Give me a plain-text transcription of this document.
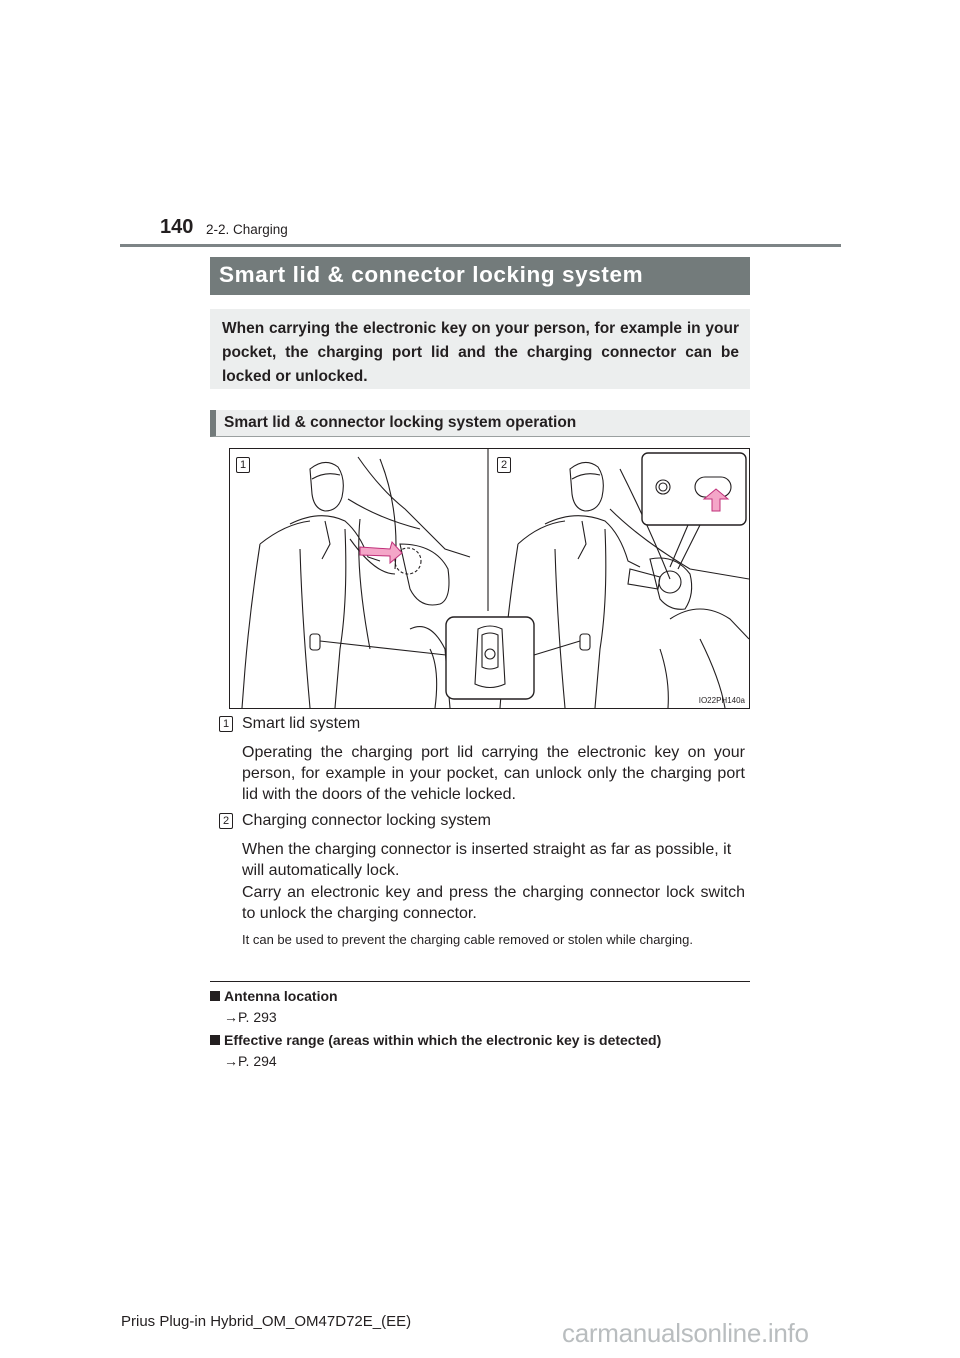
140 2-2. Charging
Smart lid & connector locking system
When carrying the electronic key on your person, for example in your pocket, the charging port lid and the charging connector can be locked or unlocked.
Smart lid & connector locking system operation
1	2
IO22PH140a
1 Smart lid system
Operating the charging port lid carrying the electronic key on your person, for example in your pocket, can unlock only the charging port lid with the doors of the vehicle locked.
2 Charging connector locking system
When the charging connector is inserted straight as far as possible, it will automatically lock.
Carry an electronic key and press the charging connector lock switch to unlock the charging connector.
It can be used to prevent the charging cable removed or stolen while charging.
Antenna location
→P. 293
Effective range (areas within which the electronic key is detected)
→P. 294
Prius Plug-in Hybrid_OM_OM47D72E_(EE)	carmanualsonline.info
